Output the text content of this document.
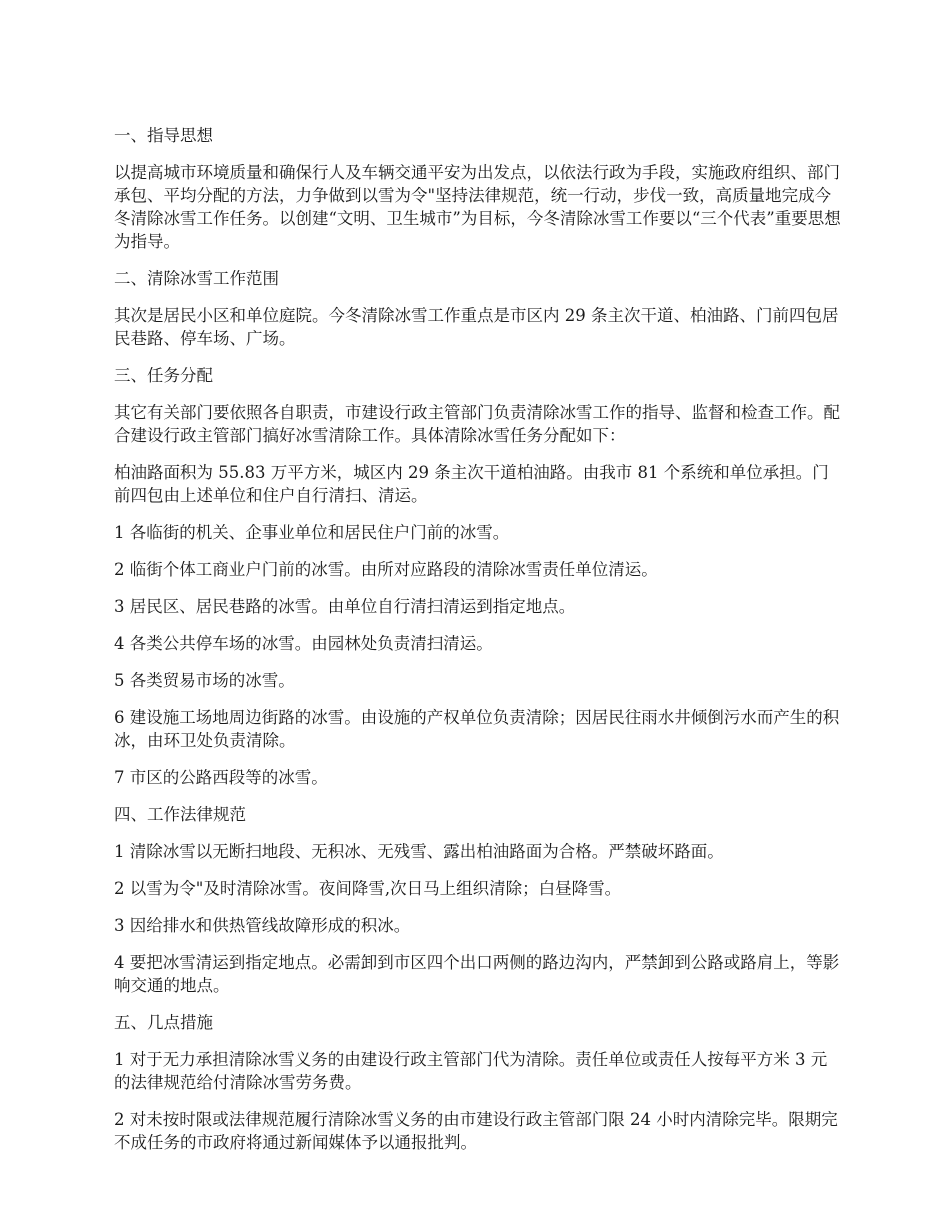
一、指导思想

以提高城市环境质量和确保行人及车辆交通平安为出发点，以依法行政为手段，实施政府组织、部门承包、平均分配的方法，力争做到以雪为令"坚持法律规范，统一行动，步伐一致，高质量地完成今冬清除冰雪工作任务。以创建“文明、卫生城市”为目标，今冬清除冰雪工作要以“三个代表”重要思想为指导。

二、清除冰雪工作范围

其次是居民小区和单位庭院。今冬清除冰雪工作重点是市区内 29 条主次干道、柏油路、门前四包居民巷路、停车场、广场。

三、任务分配

其它有关部门要依照各自职责，市建设行政主管部门负责清除冰雪工作的指导、监督和检查工作。配合建设行政主管部门搞好冰雪清除工作。具体清除冰雪任务分配如下：

柏油路面积为 55.83 万平方米，城区内 29 条主次干道柏油路。由我市 81 个系统和单位承担。门前四包由上述单位和住户自行清扫、清运。

1 各临街的机关、企事业单位和居民住户门前的冰雪。

2 临街个体工商业户门前的冰雪。由所对应路段的清除冰雪责任单位清运。

3 居民区、居民巷路的冰雪。由单位自行清扫清运到指定地点。

4 各类公共停车场的冰雪。由园林处负责清扫清运。

5 各类贸易市场的冰雪。

6 建设施工场地周边街路的冰雪。由设施的产权单位负责清除；因居民往雨水井倾倒污水而产生的积冰，由环卫处负责清除。

7 市区的公路西段等的冰雪。

四、工作法律规范

1 清除冰雪以无断扫地段、无积冰、无残雪、露出柏油路面为合格。严禁破坏路面。

2 以雪为令"及时清除冰雪。夜间降雪,次日马上组织清除；白昼降雪。

3 因给排水和供热管线故障形成的积冰。

4 要把冰雪清运到指定地点。必需卸到市区四个出口两侧的路边沟内，严禁卸到公路或路肩上，等影响交通的地点。

五、几点措施

1 对于无力承担清除冰雪义务的由建设行政主管部门代为清除。责任单位或责任人按每平方米 3 元的法律规范给付清除冰雪劳务费。

2 对未按时限或法律规范履行清除冰雪义务的由市建设行政主管部门限 24 小时内清除完毕。限期完不成任务的市政府将通过新闻媒体予以通报批判。
